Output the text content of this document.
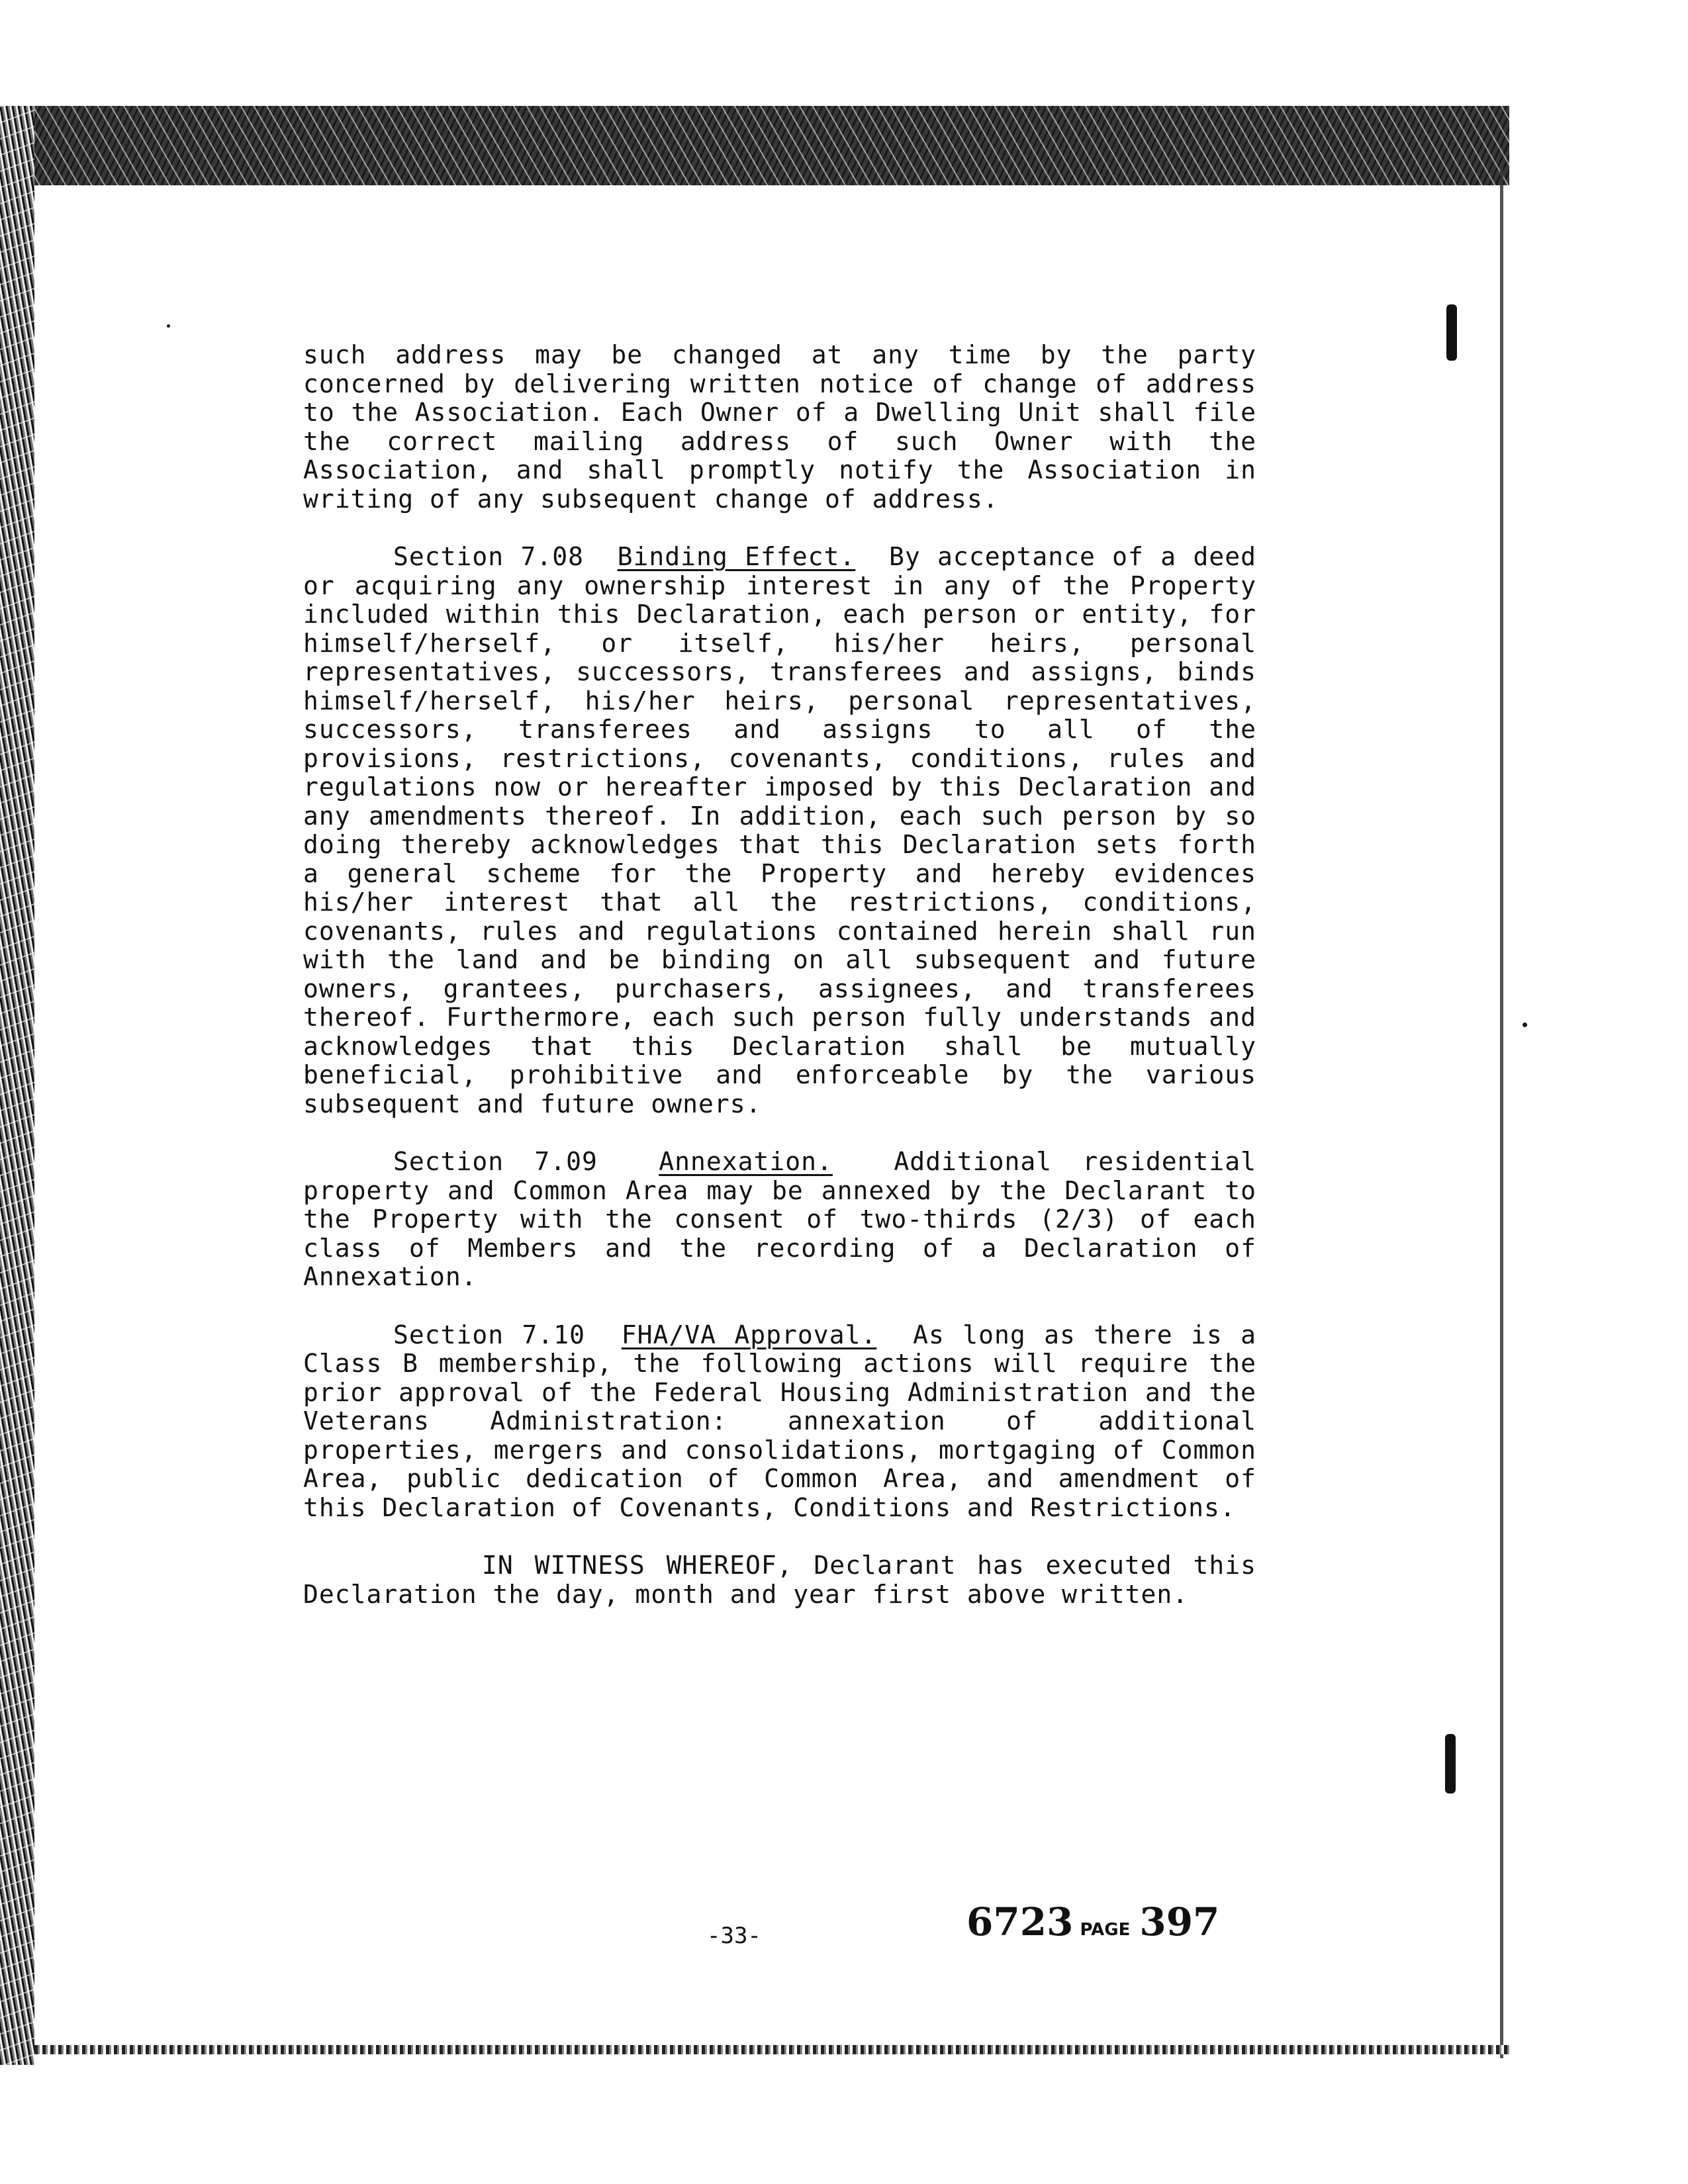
such address may be changed at any time by the party concerned by delivering written notice of change of address to the Association. Each Owner of a Dwelling Unit shall file the correct mailing address of such Owner with the Association, and shall promptly notify the Association in writing of any subsequent change of address.

Section 7.08 Binding Effect. By acceptance of a deed or acquiring any ownership interest in any of the Property included within this Declaration, each person or entity, for himself/herself, or itself, his/her heirs, personal representatives, successors, transferees and assigns, binds himself/herself, his/her heirs, personal representatives, successors, transferees and assigns to all of the provisions, restrictions, covenants, conditions, rules and regulations now or hereafter imposed by this Declaration and any amendments thereof. In addition, each such person by so doing thereby acknowledges that this Declaration sets forth a general scheme for the Property and hereby evidences his/her interest that all the restrictions, conditions, covenants, rules and regulations contained herein shall run with the land and be binding on all subsequent and future owners, grantees, purchasers, assignees, and transferees thereof. Furthermore, each such person fully understands and acknowledges that this Declaration shall be mutually beneficial, prohibitive and enforceable by the various subsequent and future owners.

Section 7.09 Annexation. Additional residential property and Common Area may be annexed by the Declarant to the Property with the consent of two-thirds (2/3) of each class of Members and the recording of a Declaration of Annexation.

Section 7.10 FHA/VA Approval. As long as there is a Class B membership, the following actions will require the prior approval of the Federal Housing Administration and the Veterans Administration: annexation of additional properties, mergers and consolidations, mortgaging of Common Area, public dedication of Common Area, and amendment of this Declaration of Covenants, Conditions and Restrictions.

IN WITNESS WHEREOF, Declarant has executed this Declaration the day, month and year first above written.

-33-	6723 PAGE 397
